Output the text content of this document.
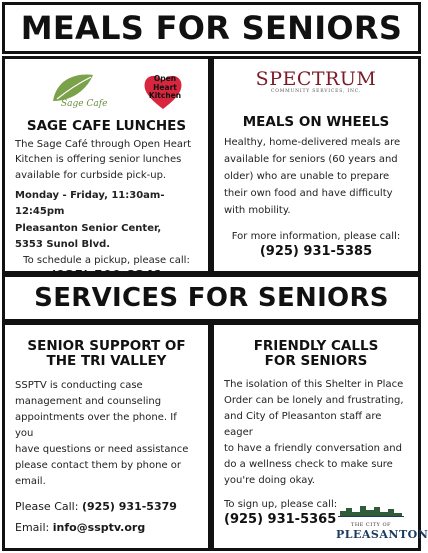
MEALS FOR SENIORS
Sage Cafe
Open
Heart
Kitchen
SAGE CAFE LUNCHES
The Sage Café through Open Heart
Kitchen is offering senior lunches
available for curbside pick-up.
Monday - Friday, 11:30am-12:45pm
Pleasanton Senior Center,
5353 Sunol Blvd.
To schedule a pickup, please call:
SPECTRUM
COMMUNITY SERVICES, INC.
MEALS ON WHEELS
Healthy, home-delivered meals are
available for seniors (60 years and
older) who are unable to prepare
their own food and have difficulty
with mobility.
For more information, please call:
(925) 931-5385
SERVICES FOR SENIORS
SENIOR SUPPORT OF
THE TRI VALLEY
SSPTV is conducting case
management and counseling
appointments over the phone. If you
have questions or need assistance
please contact them by phone or
email.
Please Call: (925) 931-5379
Email: info@ssptv.org
FRIENDLY CALLS
FOR SENIORS
The isolation of this Shelter in Place
Order can be lonely and frustrating,
and City of Pleasanton staff are eager
to have a friendly conversation and
do a wellness check to make sure
you're doing okay.
To sign up, please call:
(925) 931-5365	THE CITY OF
PLEASANTON
